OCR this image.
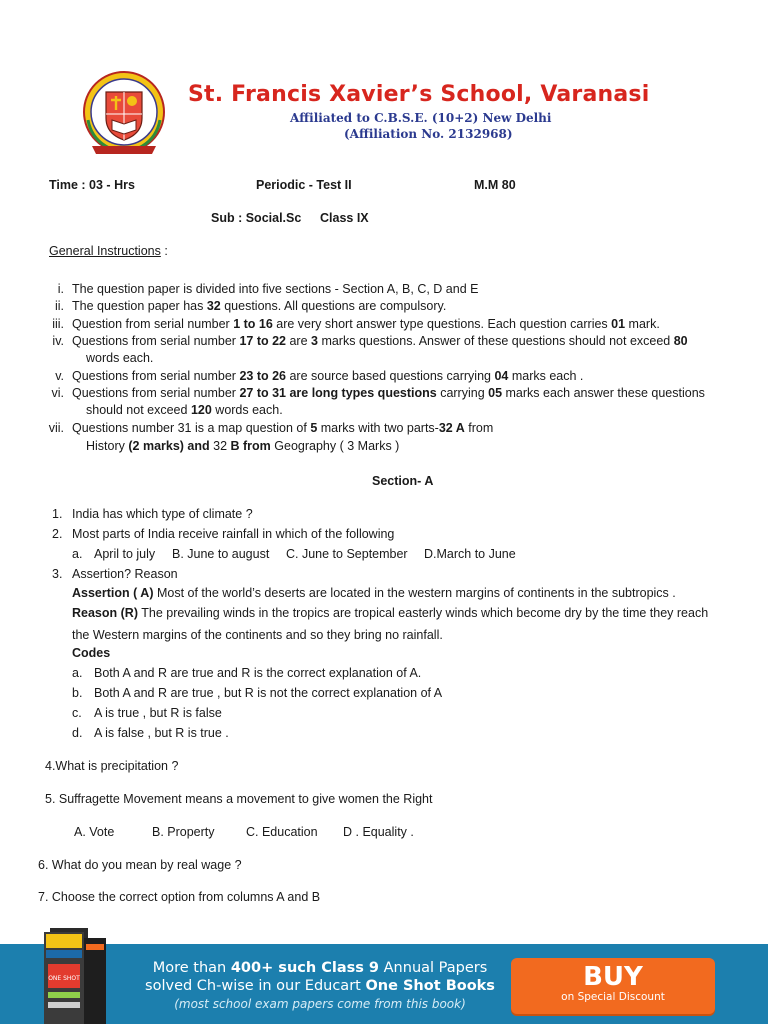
St. Francis Xavier’s School, Varanasi
Affiliated to C.B.S.E. (10+2) New Delhi
(Affiliation No. 2132968)
Time : 03 - Hrs	Periodic - Test II	M.M 80
Sub : Social.Sc Class IX
General Instructions :
i. The question paper is divided into five sections - Section A, B, C, D and E
ii. The question paper has 32 questions. All questions are compulsory.
iii. Question from serial number 1 to 16 are very short answer type questions. Each question carries 01 mark.
iv. Questions from serial number 17 to 22 are 3 marks questions. Answer of these questions should not exceed 80
words each.
v. Questions from serial number 23 to 26 are source based questions carrying 04 marks each .
vi. Questions from serial number 27 to 31 are long types questions carrying 05 marks each answer these questions
should not exceed 120 words each.
vii. Questions number 31 is a map question of 5 marks with two parts-32 A from
History (2 marks) and 32 B from Geography ( 3 Marks )
Section- A
1. India has which type of climate ?
2. Most parts of India receive rainfall in which of the following
a. April to july B. June to august C. June to September D.March to June
3. Assertion? Reason
Assertion ( A) Most of the world’s deserts are located in the western margins of continents in the subtropics .
Reason (R) The prevailing winds in the tropics are tropical easterly winds which become dry by the time they reach
the Western margins of the continents and so they bring no rainfall.
Codes
a. Both A and R are true and R is the correct explanation of A.
b. Both A and R are true , but R is not the correct explanation of A
c. A is true , but R is false
d. A is false , but R is true .
4.What is precipitation ?
5. Suffragette Movement means a movement to give women the Right
A. Vote	B. Property	C. Education D . Equality .
6. What do you mean by real wage ?
7. Choose the correct option from columns A and B
More than 400+ such Class 9 Annual Papers
solved Ch-wise in our Educart One Shot Books
(most school exam papers come from this book)
ONE SHOT	BUY
on Special Discount
